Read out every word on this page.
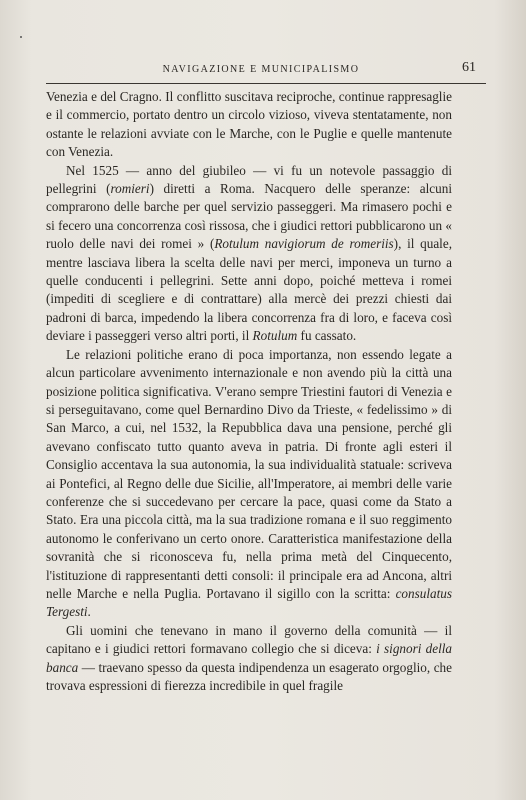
NAVIGAZIONE E MUNICIPALISMO	61

Venezia e del Cragno. Il conflitto suscitava reciproche, continue rappresaglie e il commercio, portato dentro un circolo vizioso, viveva stentatamente, non ostante le relazioni avviate con le Marche, con le Puglie e quelle mantenute con Venezia.

Nel 1525 — anno del giubileo — vi fu un notevole passaggio di pellegrini (romieri) diretti a Roma. Nacquero delle speranze: alcuni comprarono delle barche per quel servizio passeggeri. Ma rimasero pochi e si fecero una concorrenza così rissosa, che i giudici rettori pubblicarono un « ruolo delle navi dei romei » (Rotulum navigiorum de romeriis), il quale, mentre lasciava libera la scelta delle navi per merci, imponeva un turno a quelle conducenti i pellegrini. Sette anni dopo, poiché metteva i romei (impediti di scegliere e di contrattare) alla mercè dei prezzi chiesti dai padroni di barca, impedendo la libera concorrenza fra di loro, e faceva così deviare i passeggeri verso altri porti, il Rotulum fu cassato.

Le relazioni politiche erano di poca importanza, non essendo legate a alcun particolare avvenimento internazionale e non avendo più la città una posizione politica significativa. V'erano sempre Triestini fautori di Venezia e si perseguitavano, come quel Bernardino Divo da Trieste, « fedelissimo » di San Marco, a cui, nel 1532, la Repubblica dava una pensione, perché gli avevano confiscato tutto quanto aveva in patria. Di fronte agli esteri il Consiglio accentava la sua autonomia, la sua individualità statuale: scriveva ai Pontefici, al Regno delle due Sicilie, all'Imperatore, ai membri delle varie conferenze che si succedevano per cercare la pace, quasi come da Stato a Stato. Era una piccola città, ma la sua tradizione romana e il suo reggimento autonomo le conferivano un certo onore. Caratteristica manifestazione della sovranità che si riconosceva fu, nella prima metà del Cinquecento, l'istituzione di rappresentanti detti consoli: il principale era ad Ancona, altri nelle Marche e nella Puglia. Portavano il sigillo con la scritta: consulatus Tergesti.

Gli uomini che tenevano in mano il governo della comunità — il capitano e i giudici rettori formavano collegio che si diceva: i signori della banca — traevano spesso da questa indipendenza un esagerato orgoglio, che trovava espressioni di fierezza incredibile in quel fragile
